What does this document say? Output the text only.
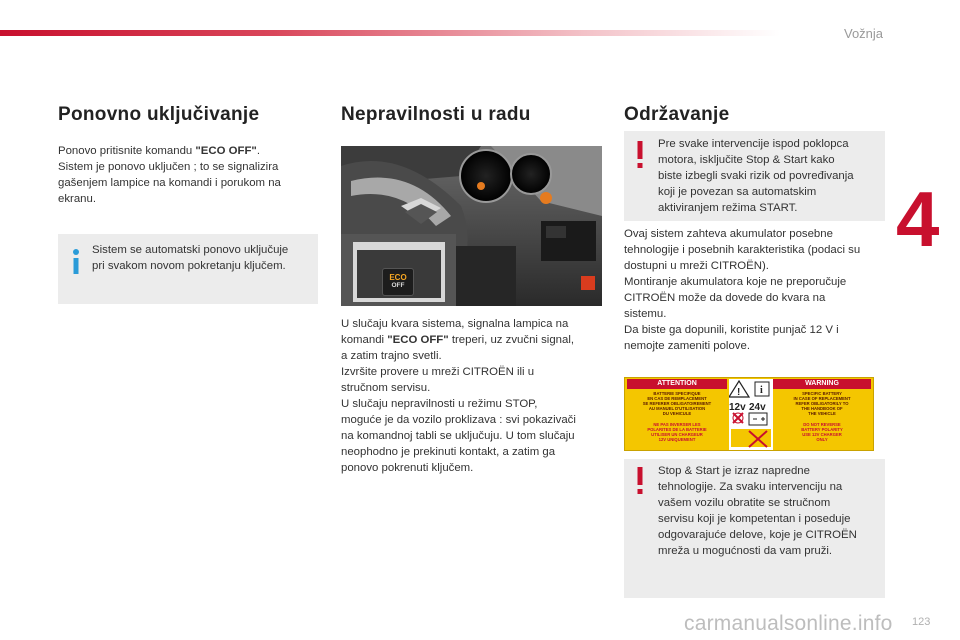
Vožnja
4
Ponovno uključivanje
Ponovo pritisnite komandu "ECO OFF".
Sistem je ponovo uključen ; to se signalizira
gašenjem lampice na komandi i porukom na
ekranu.
Sistem se automatski ponovo uključuje
pri svakom novom pokretanju ključem.
Nepravilnosti u radu
ECO
OFF
U slučaju kvara sistema, signalna lampica na
komandi "ECO OFF" treperi, uz zvučni signal,
a zatim trajno svetli.
Izvršite provere u mreži CITROËN ili u
stručnom servisu.
U slučaju nepravilnosti u režimu STOP,
moguće je da vozilo proklizava : svi pokazivači
na komandnoj tabli se uključuju. U tom slučaju
neophodno je prekinuti kontakt, a zatim ga
ponovo pokrenuti ključem.
Održavanje
Pre svake intervencije ispod poklopca
motora, isključite Stop & Start kako
biste izbegli svaki rizik od povređivanja
koji je povezan sa automatskim
aktiviranjem režima START.
Ovaj sistem zahteva akumulator posebne
tehnologije i posebnih karakteristika (podaci su
dostupni u mreži CITROËN).
Montiranje akumulatora koje ne preporučuje
CITROËN može da dovede do kvara na
sistemu.
Da biste ga dopunili, koristite punjač 12 V i
nemojte zameniti polove.
ATTENTION	WARNING
BATTERIE SPECIFIQUE
EN CAS DE REMPLACEMENT
SE REFERER OBLIGATOIREMENT
AU MANUEL D'UTILISATION
DU VEHICULE
NE PAS INVERSER LES
POLARITES DE LA BATTERIE
UTILISER UN CHARGEUR
12V UNIQUEMENT
SPECIFIC BATTERY
IN CASE OF REPLACEMENT
REFER OBLIGATORILY TO
THE HANDBOOK OF
THE VEHICLE
DO NOT REVERSE
BATTERY POLARITY
USE 12V CHARGER
ONLY
! i
12v 24v
Stop & Start je izraz napredne
tehnologije. Za svaku intervenciju na
vašem vozilu obratite se stručnom
servisu koji je kompetentan i poseduje
odgovarajuće delove, koje je CITROËN
mreža u mogućnosti da vam pruži.
carmanualsonline.info 123
